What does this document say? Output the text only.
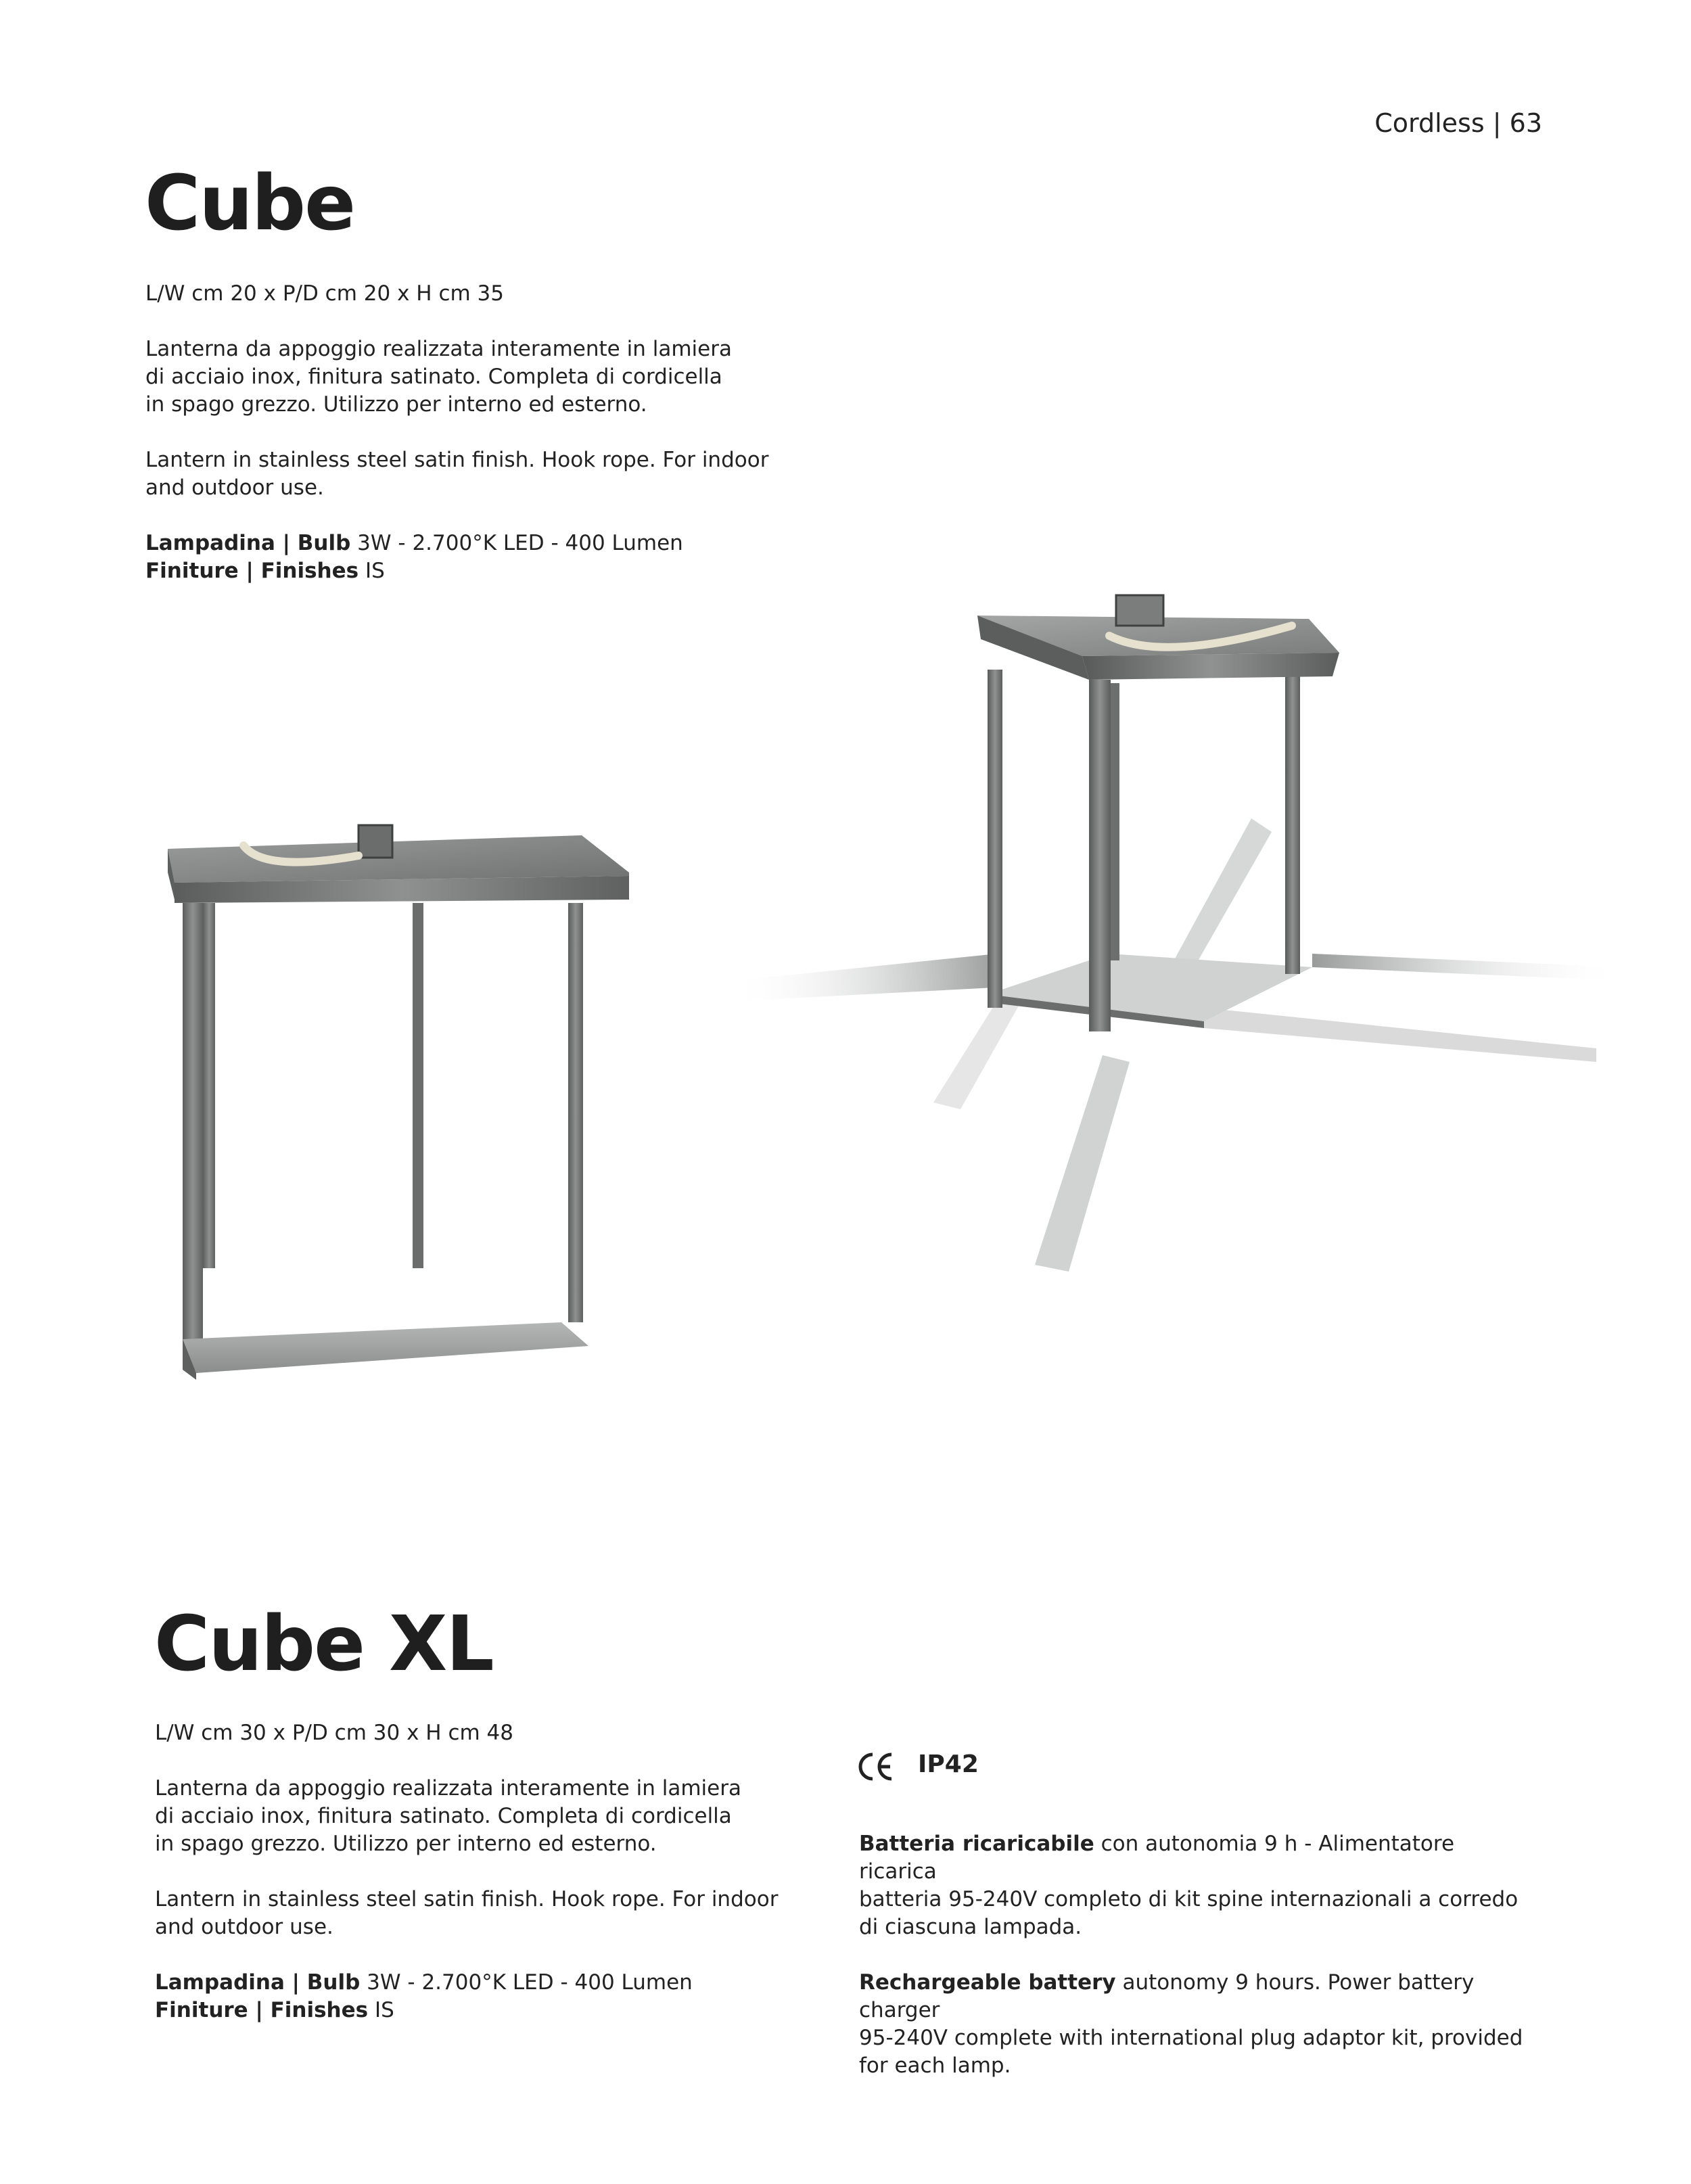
Cordless | 63
Cube

L/W cm 20 x P/D cm 20 x H cm 35

Lanterna da appoggio realizzata interamente in lamiera

di acciaio inox, finitura satinato. Completa di cordicella

in spago grezzo. Utilizzo per interno ed esterno.

Lantern in stainless steel satin finish. Hook rope. For indoor

and outdoor use.

Lampadina | Bulb 3W - 2.700°K LED - 400 Lumen

Finiture | Finishes IS

Cube XL

L/W cm 30 x P/D cm 30 x H cm 48

Lanterna da appoggio realizzata interamente in lamiera

di acciaio inox, finitura satinato. Completa di cordicella

in spago grezzo. Utilizzo per interno ed esterno.

Lantern in stainless steel satin finish. Hook rope. For indoor

and outdoor use.

Lampadina | Bulb 3W - 2.700°K LED - 400 Lumen

Finiture | Finishes IS

IP42

Batteria ricaricabile con autonomia 9 h - Alimentatore ricarica

batteria 95-240V completo di kit spine internazionali a corredo

di ciascuna lampada.

Rechargeable battery autonomy 9 hours. Power battery charger

95-240V complete with international plug adaptor kit, provided

for each lamp.
